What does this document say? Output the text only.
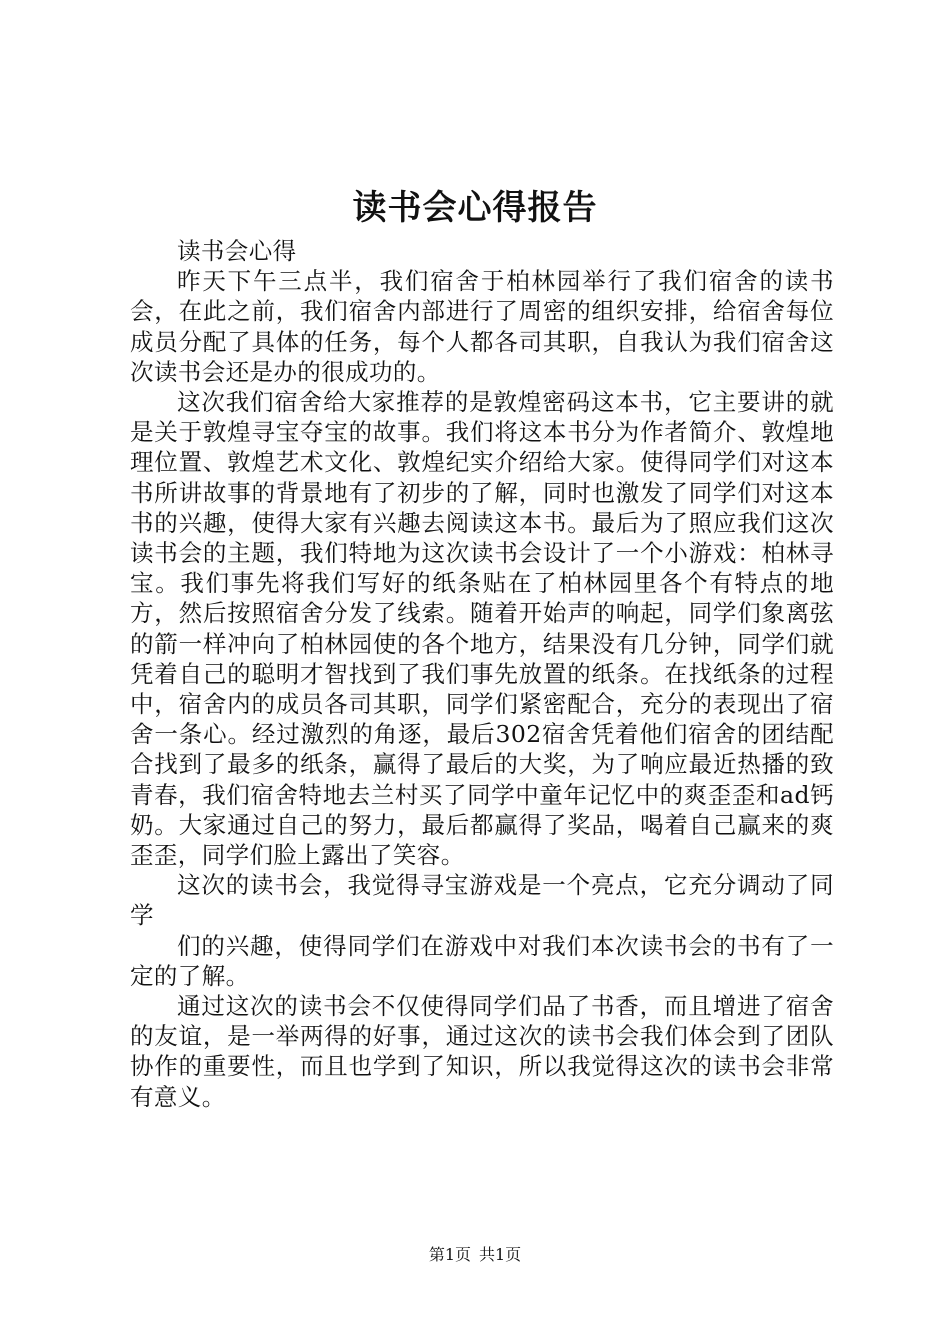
读书会心得报告

读书会心得

昨天下午三点半，我们宿舍于柏林园举行了我们宿舍的读书会，在此之前，我们宿舍内部进行了周密的组织安排，给宿舍每位成员分配了具体的任务，每个人都各司其职，自我认为我们宿舍这次读书会还是办的很成功的。

这次我们宿舍给大家推荐的是敦煌密码这本书，它主要讲的就是关于敦煌寻宝夺宝的故事。我们将这本书分为作者简介、敦煌地理位置、敦煌艺术文化、敦煌纪实介绍给大家。使得同学们对这本书所讲故事的背景地有了初步的了解，同时也激发了同学们对这本书的兴趣，使得大家有兴趣去阅读这本书。最后为了照应我们这次读书会的主题，我们特地为这次读书会设计了一个小游戏：柏林寻宝。我们事先将我们写好的纸条贴在了柏林园里各个有特点的地方，然后按照宿舍分发了线索。随着开始声的响起，同学们象离弦的箭一样冲向了柏林园使的各个地方，结果没有几分钟，同学们就凭着自己的聪明才智找到了我们事先放置的纸条。在找纸条的过程中，宿舍内的成员各司其职，同学们紧密配合，充分的表现出了宿舍一条心。经过激烈的角逐，最后302宿舍凭着他们宿舍的团结配合找到了最多的纸条，赢得了最后的大奖，为了响应最近热播的致青春，我们宿舍特地去兰村买了同学中童年记忆中的爽歪歪和ad钙奶。大家通过自己的努力，最后都赢得了奖品，喝着自己赢来的爽歪歪，同学们脸上露出了笑容。

这次的读书会，我觉得寻宝游戏是一个亮点，它充分调动了同学

们的兴趣，使得同学们在游戏中对我们本次读书会的书有了一定的了解。

通过这次的读书会不仅使得同学们品了书香，而且增进了宿舍的友谊，是一举两得的好事，通过这次的读书会我们体会到了团队协作的重要性，而且也学到了知识，所以我觉得这次的读书会非常有意义。

第1页 共1页
